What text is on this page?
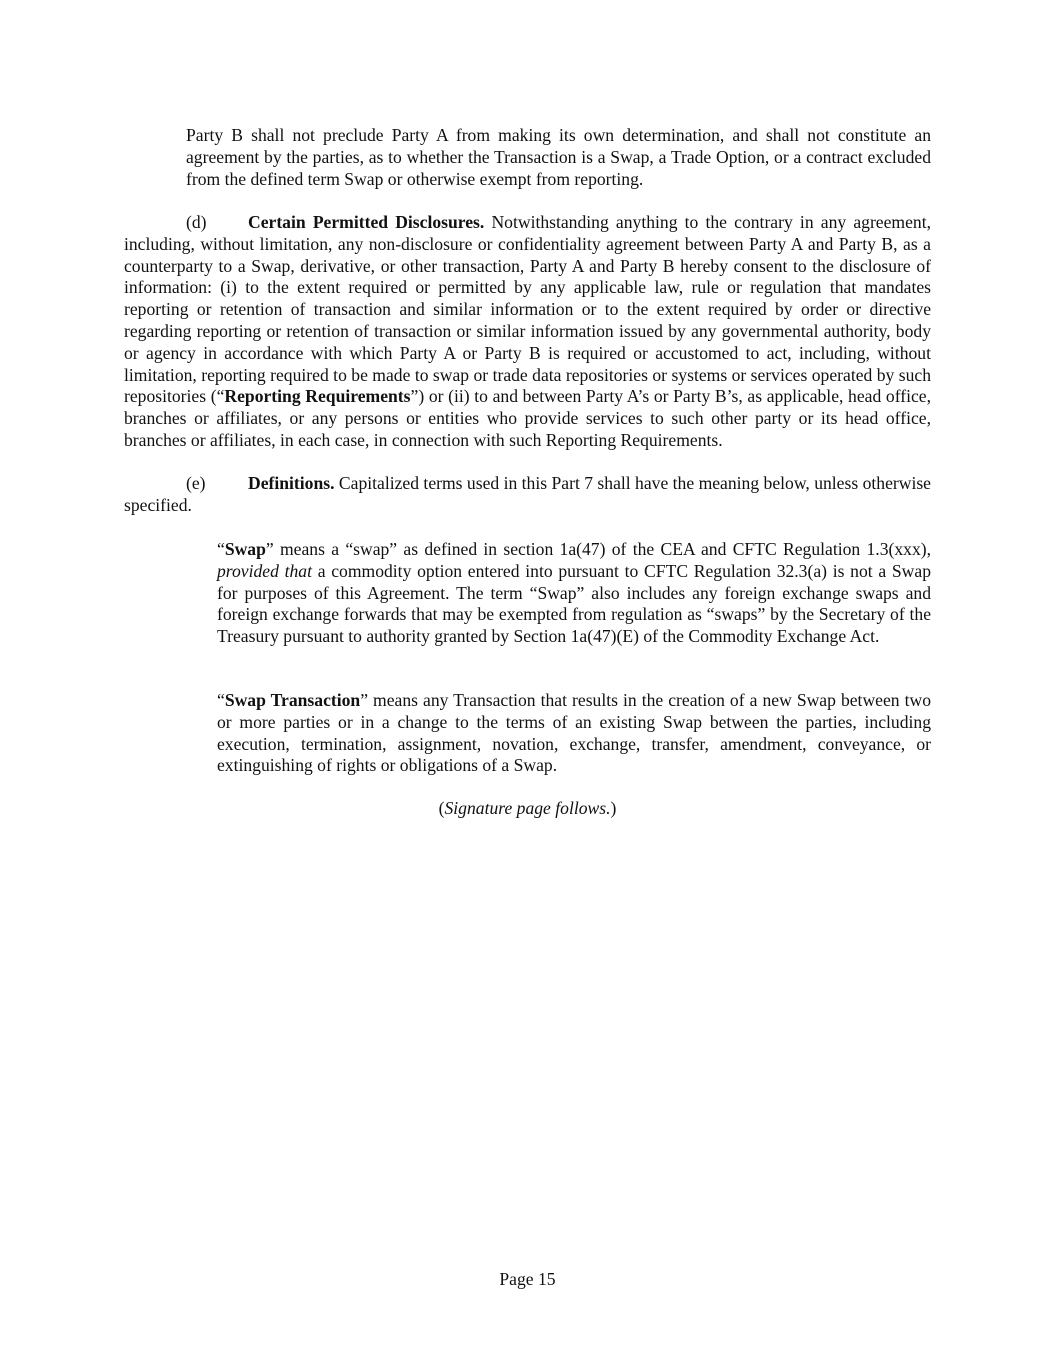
Party B shall not preclude Party A from making its own determination, and shall not constitute an agreement by the parties, as to whether the Transaction is a Swap, a Trade Option, or a contract excluded from the defined term Swap or otherwise exempt from reporting.

(d) Certain Permitted Disclosures. Notwithstanding anything to the contrary in any agreement, including, without limitation, any non-disclosure or confidentiality agreement between Party A and Party B, as a counterparty to a Swap, derivative, or other transaction, Party A and Party B hereby consent to the disclosure of information: (i) to the extent required or permitted by any applicable law, rule or regulation that mandates reporting or retention of transaction and similar information or to the extent required by order or directive regarding reporting or retention of transaction or similar information issued by any governmental authority, body or agency in accordance with which Party A or Party B is required or accustomed to act, including, without limitation, reporting required to be made to swap or trade data repositories or systems or services operated by such repositories (“Reporting Requirements”) or (ii) to and between Party A’s or Party B’s, as applicable, head office, branches or affiliates, or any persons or entities who provide services to such other party or its head office, branches or affiliates, in each case, in connection with such Reporting Requirements.

(e) Definitions. Capitalized terms used in this Part 7 shall have the meaning below, unless otherwise specified.

“Swap” means a “swap” as defined in section 1a(47) of the CEA and CFTC Regulation 1.3(xxx), provided that a commodity option entered into pursuant to CFTC Regulation 32.3(a) is not a Swap for purposes of this Agreement. The term “Swap” also includes any foreign exchange swaps and foreign exchange forwards that may be exempted from regulation as “swaps” by the Secretary of the Treasury pursuant to authority granted by Section 1a(47)(E) of the Commodity Exchange Act.

“Swap Transaction” means any Transaction that results in the creation of a new Swap between two or more parties or in a change to the terms of an existing Swap between the parties, including execution, termination, assignment, novation, exchange, transfer, amendment, conveyance, or extinguishing of rights or obligations of a Swap.

(Signature page follows.)
Page 15
